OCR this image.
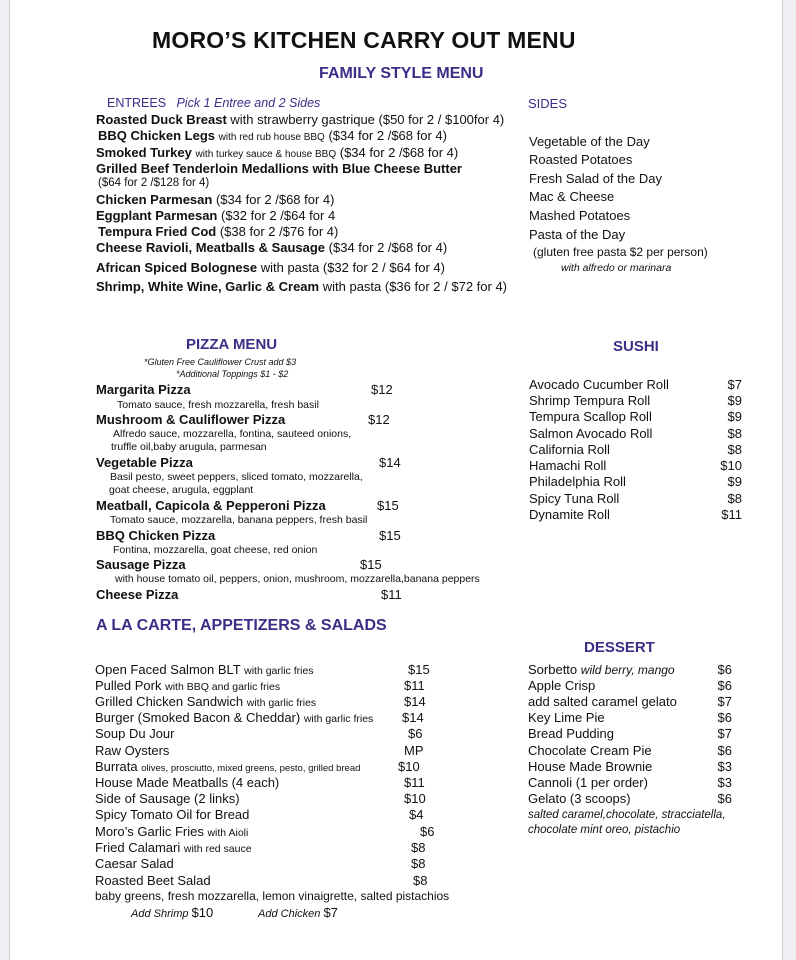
MORO’S KITCHEN CARRY OUT MENU
FAMILY STYLE MENU
ENTREES Pick 1 Entree and 2 Sides
Roasted Duck Breast with strawberry gastrique ($50 for 2 / $100for 4)
BBQ Chicken Legs with red rub house BBQ ($34 for 2 /$68 for 4)
Smoked Turkey with turkey sauce & house BBQ ($34 for 2 /$68 for 4)
Grilled Beef Tenderloin Medallions with Blue Cheese Butter
($64 for 2 /$128 for 4)
Chicken Parmesan ($34 for 2 /$68 for 4)
Eggplant Parmesan ($32 for 2 /$64 for 4
Tempura Fried Cod ($38 for 2 /$76 for 4)
Cheese Ravioli, Meatballs & Sausage ($34 for 2 /$68 for 4)
African Spiced Bolognese with pasta ($32 for 2 / $64 for 4)
Shrimp, White Wine, Garlic & Cream with pasta ($36 for 2 / $72 for 4)
SIDES
Vegetable of the Day
Roasted Potatoes
Fresh Salad of the Day
Mac & Cheese
Mashed Potatoes
Pasta of the Day
(gluten free pasta $2 per person)
with alfredo or marinara
PIZZA MENU
*Gluten Free Cauliflower Crust add $3
*Additional Toppings $1 - $2
Margarita Pizza	$12
Tomato sauce, fresh mozzarella, fresh basil
Mushroom & Cauliflower Pizza	$12
Alfredo sauce, mozzarella, fontina, sauteed onions,
truffle oil,baby arugula, parmesan
Vegetable Pizza	$14
Basil pesto, sweet peppers, sliced tomato, mozzarella,
goat cheese, arugula, eggplant
Meatball, Capicola & Pepperoni Pizza	$15
Tomato sauce, mozzarella, banana peppers, fresh basil
BBQ Chicken Pizza	$15
Fontina, mozzarella, goat cheese, red onion
Sausage Pizza	$15
with house tomato oil, peppers, onion, mushroom, mozzarella,banana peppers
Cheese Pizza	$11
SUSHI
Avocado Cucumber Roll	$7
Shrimp Tempura Roll	$9
Tempura Scallop Roll	$9
Salmon Avocado Roll	$8
California Roll	$8
Hamachi Roll	$10
Philadelphia Roll	$9
Spicy Tuna Roll	$8
Dynamite Roll	$11
A LA CARTE, APPETIZERS & SALADS
Open Faced Salmon BLT with garlic fries	$15
Pulled Pork with BBQ and garlic fries	$11
Grilled Chicken Sandwich with garlic fries	$14
Burger (Smoked Bacon & Cheddar) with garlic fries $14
Soup Du Jour	$6
Raw Oysters	MP
Burrata olives, prosciutto, mixed greens, pesto, grilled bread	$10
House Made Meatballs (4 each)	$11
Side of Sausage (2 links)	$10
Spicy Tomato Oil for Bread	$4
Moro’s Garlic Fries with Aioli	$6
Fried Calamari with red sauce	$8
Caesar Salad	$8
Roasted Beet Salad	$8
baby greens, fresh mozzarella, lemon vinaigrette, salted pistachios
Add Shrimp $10	Add Chicken $7
DESSERT
Sorbetto wild berry, mango	$6
Apple Crisp	$6
add salted caramel gelato	$7
Key Lime Pie	$6
Bread Pudding	$7
Chocolate Cream Pie	$6
House Made Brownie	$3
Cannoli (1 per order)	$3
Gelato (3 scoops)	$6
salted caramel,chocolate, stracciatella,
chocolate mint oreo, pistachio
